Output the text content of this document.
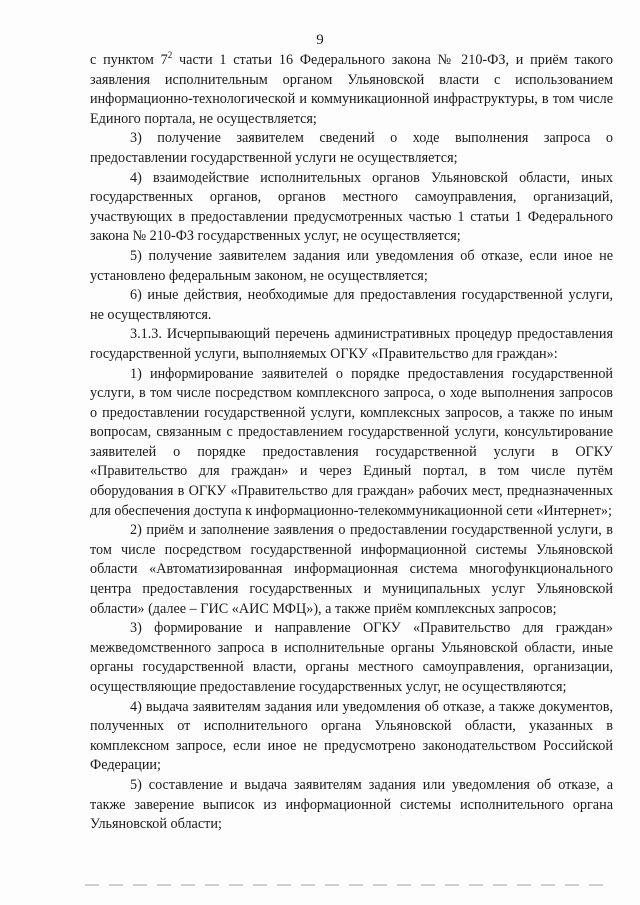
9

с пунктом $7^2$ части 1 статьи 16 Федерального закона № 210-ФЗ, и приём такого заявления исполнительным органом Ульяновской власти с использованием информационно-технологической и коммуникационной инфраструктуры, в том числе Единого портала, не осуществляется;

3) получение заявителем сведений о ходе выполнения запроса о предоставлении государственной услуги не осуществляется;

4) взаимодействие исполнительных органов Ульяновской области, иных государственных органов, органов местного самоуправления, организаций, участвующих в предоставлении предусмотренных частью 1 статьи 1 Федерального закона № 210-ФЗ государственных услуг, не осуществляется;

5) получение заявителем задания или уведомления об отказе, если иное не установлено федеральным законом, не осуществляется;

6) иные действия, необходимые для предоставления государственной услуги, не осуществляются.

3.1.3. Исчерпывающий перечень административных процедур предоставления государственной услуги, выполняемых ОГКУ «Правительство для граждан»:

1) информирование заявителей о порядке предоставления государственной услуги, в том числе посредством комплексного запроса, о ходе выполнения запросов о предоставлении государственной услуги, комплексных запросов, а также по иным вопросам, связанным с предоставлением государственной услуги, консультирование заявителей о порядке предоставления государственной услуги в ОГКУ «Правительство для граждан» и через Единый портал, в том числе путём оборудования в ОГКУ «Правительство для граждан» рабочих мест, предназначенных для обеспечения доступа к информационно-телекоммуникационной сети «Интернет»;

2) приём и заполнение заявления о предоставлении государственной услуги, в том числе посредством государственной информационной системы Ульяновской области «Автоматизированная информационная система многофункционального центра предоставления государственных и муниципальных услуг Ульяновской области» (далее – ГИС «АИС МФЦ»), а также приём комплексных запросов;

3) формирование и направление ОГКУ «Правительство для граждан» межведомственного запроса в исполнительные органы Ульяновской области, иные органы государственной власти, органы местного самоуправления, организации, осуществляющие предоставление государственных услуг, не осуществляются;

4) выдача заявителям задания или уведомления об отказе, а также документов, полученных от исполнительного органа Ульяновской области, указанных в комплексном запросе, если иное не предусмотрено законодательством Российской Федерации;

5) составление и выдача заявителям задания или уведомления об отказе, а также заверение выписок из информационной системы исполнительного органа Ульяновской области;
